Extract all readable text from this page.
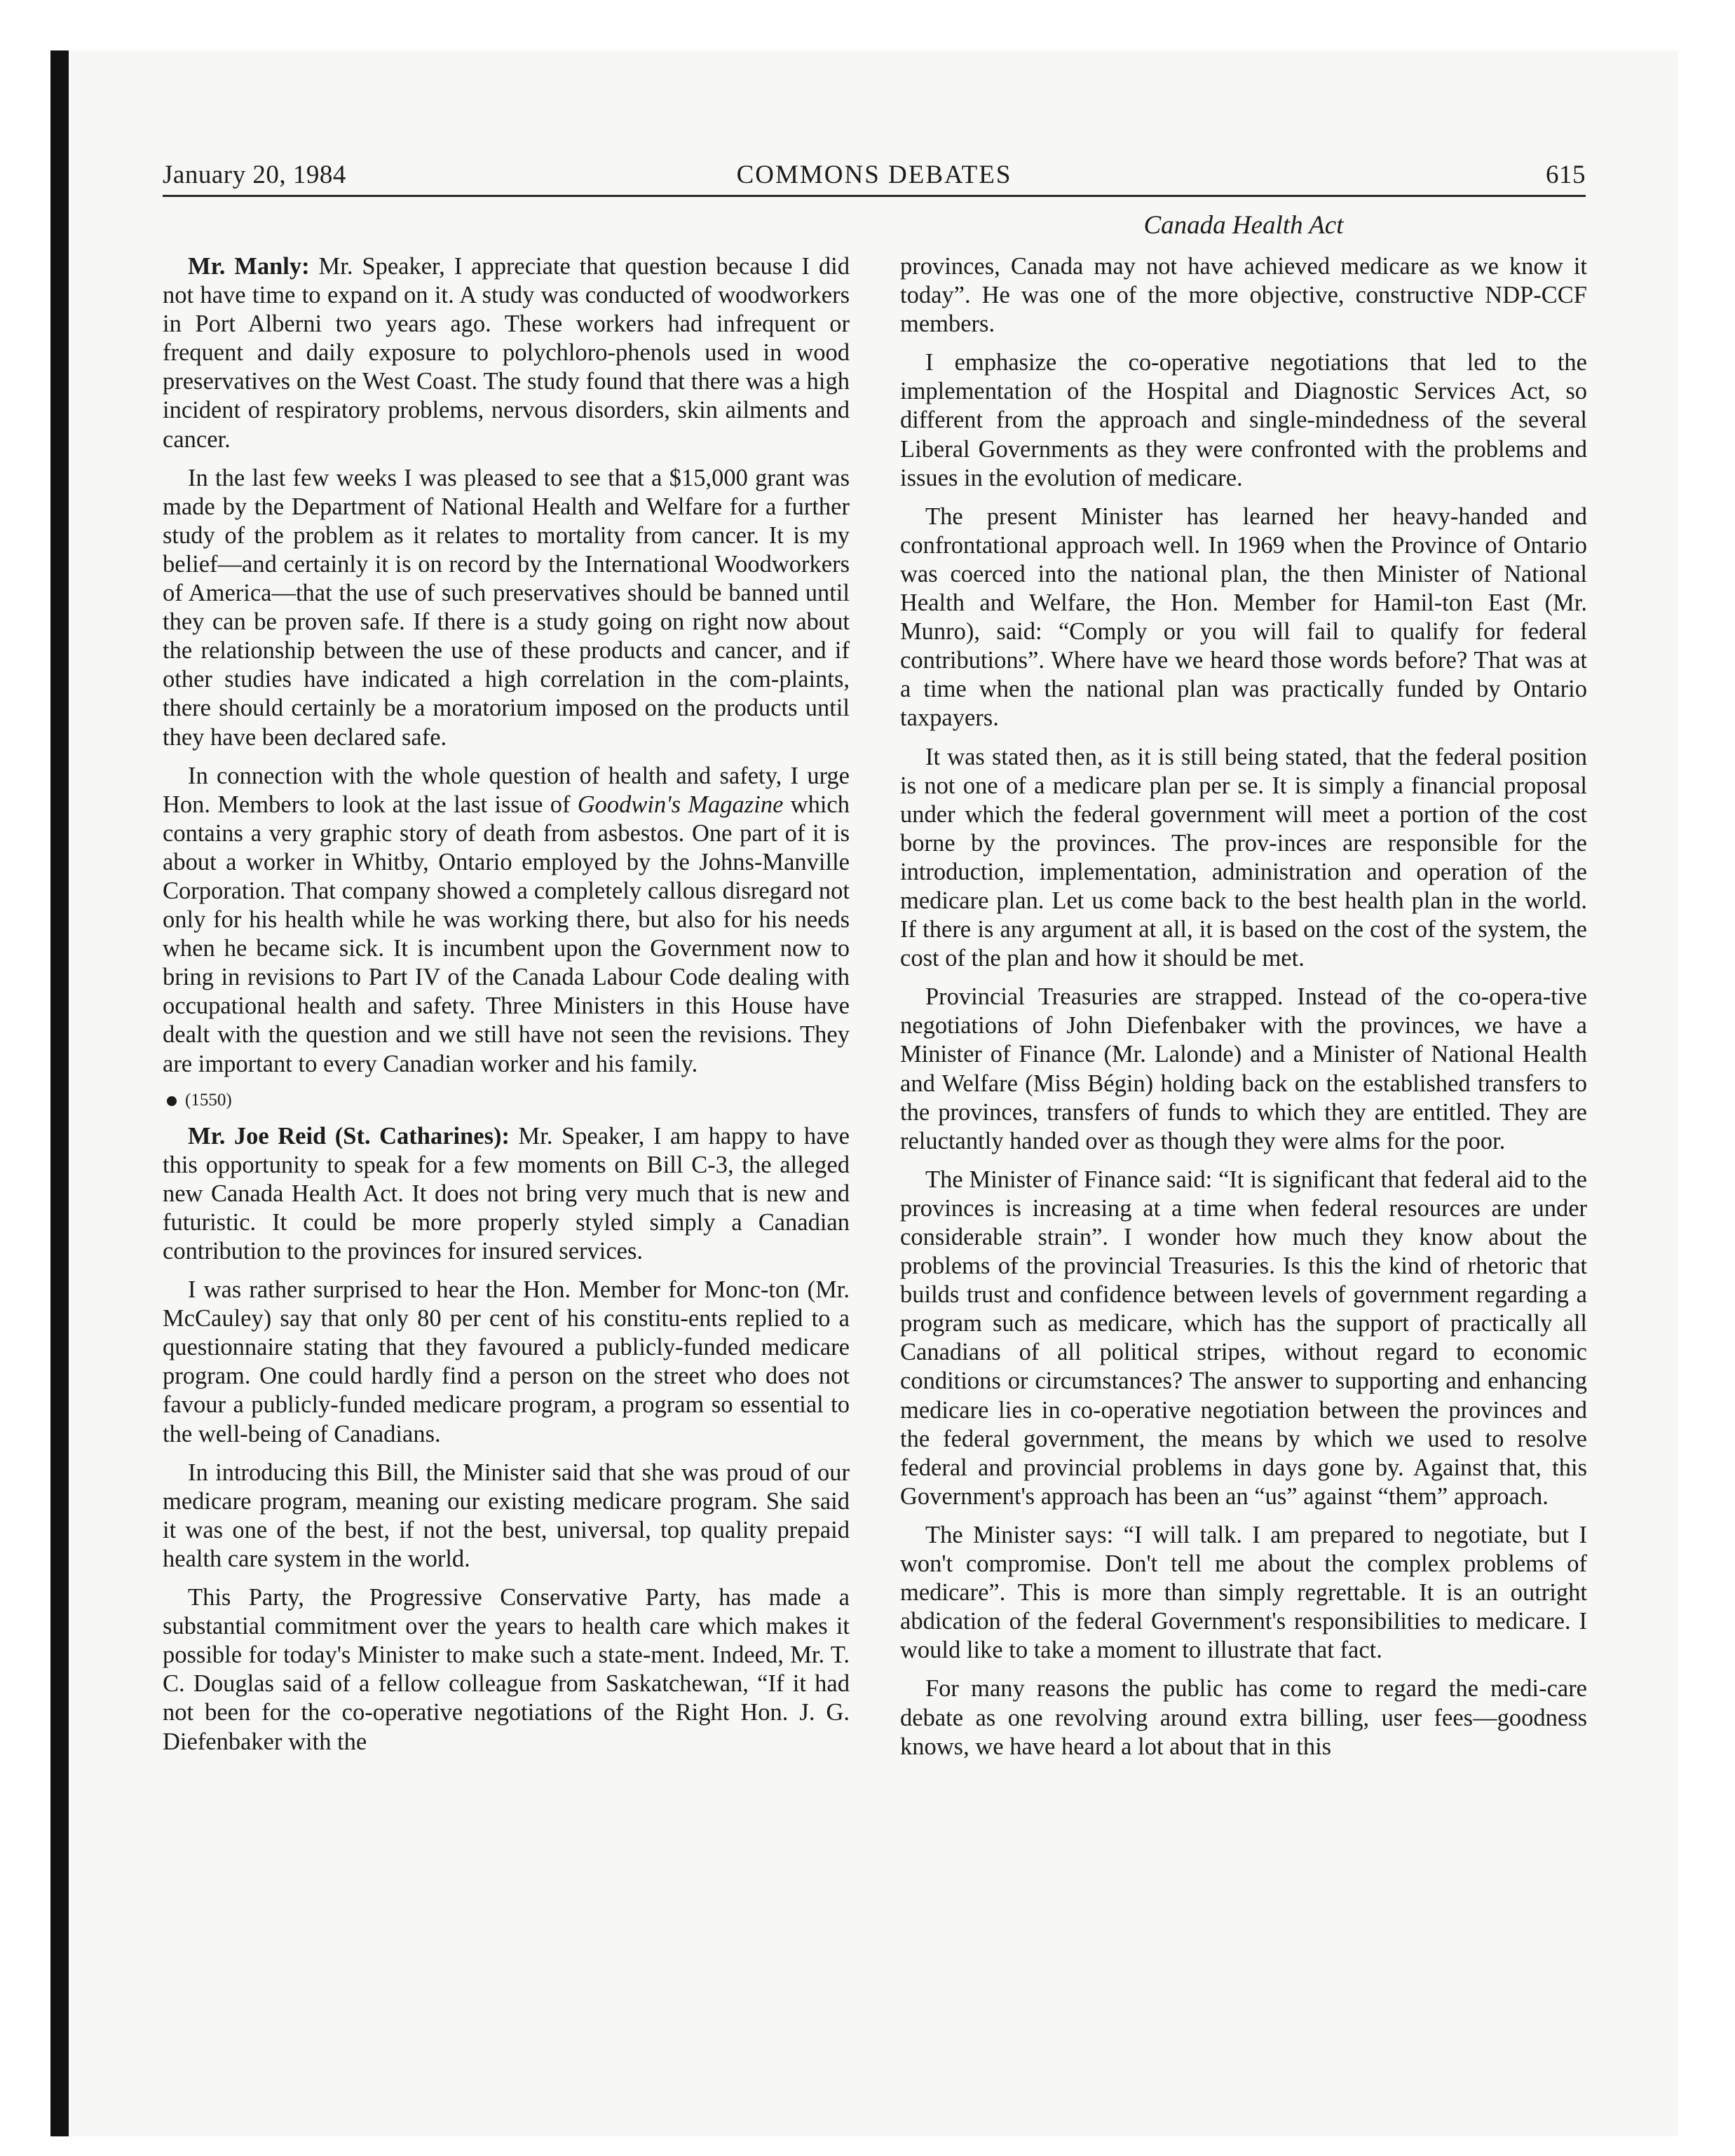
January 20, 1984	COMMONS DEBATES	615
Canada Health Act

Mr. Manly: Mr. Speaker, I appreciate that question because I did not have time to expand on it. A study was conducted of woodworkers in Port Alberni two years ago. These workers had infrequent or frequent and daily exposure to polychloro-phenols used in wood preservatives on the West Coast. The study found that there was a high incident of respiratory problems, nervous disorders, skin ailments and cancer.

In the last few weeks I was pleased to see that a $15,000 grant was made by the Department of National Health and Welfare for a further study of the problem as it relates to mortality from cancer. It is my belief—and certainly it is on record by the International Woodworkers of America—that the use of such preservatives should be banned until they can be proven safe. If there is a study going on right now about the relationship between the use of these products and cancer, and if other studies have indicated a high correlation in the com-plaints, there should certainly be a moratorium imposed on the products until they have been declared safe.

In connection with the whole question of health and safety, I urge Hon. Members to look at the last issue of Goodwin's Magazine which contains a very graphic story of death from asbestos. One part of it is about a worker in Whitby, Ontario employed by the Johns-Manville Corporation. That company showed a completely callous disregard not only for his health while he was working there, but also for his needs when he became sick. It is incumbent upon the Government now to bring in revisions to Part IV of the Canada Labour Code dealing with occupational health and safety. Three Ministers in this House have dealt with the question and we still have not seen the revisions. They are important to every Canadian worker and his family.

(1550)

Mr. Joe Reid (St. Catharines): Mr. Speaker, I am happy to have this opportunity to speak for a few moments on Bill C-3, the alleged new Canada Health Act. It does not bring very much that is new and futuristic. It could be more properly styled simply a Canadian contribution to the provinces for insured services.

I was rather surprised to hear the Hon. Member for Monc-ton (Mr. McCauley) say that only 80 per cent of his constitu-ents replied to a questionnaire stating that they favoured a publicly-funded medicare program. One could hardly find a person on the street who does not favour a publicly-funded medicare program, a program so essential to the well-being of Canadians.

In introducing this Bill, the Minister said that she was proud of our medicare program, meaning our existing medicare program. She said it was one of the best, if not the best, universal, top quality prepaid health care system in the world.

This Party, the Progressive Conservative Party, has made a substantial commitment over the years to health care which makes it possible for today's Minister to make such a state-ment. Indeed, Mr. T. C. Douglas said of a fellow colleague from Saskatchewan, “If it had not been for the co-operative negotiations of the Right Hon. J. G. Diefenbaker with the

provinces, Canada may not have achieved medicare as we know it today”. He was one of the more objective, constructive NDP-CCF members.

I emphasize the co-operative negotiations that led to the implementation of the Hospital and Diagnostic Services Act, so different from the approach and single-mindedness of the several Liberal Governments as they were confronted with the problems and issues in the evolution of medicare.

The present Minister has learned her heavy-handed and confrontational approach well. In 1969 when the Province of Ontario was coerced into the national plan, the then Minister of National Health and Welfare, the Hon. Member for Hamil-ton East (Mr. Munro), said: “Comply or you will fail to qualify for federal contributions”. Where have we heard those words before? That was at a time when the national plan was practically funded by Ontario taxpayers.

It was stated then, as it is still being stated, that the federal position is not one of a medicare plan per se. It is simply a financial proposal under which the federal government will meet a portion of the cost borne by the provinces. The prov-inces are responsible for the introduction, implementation, administration and operation of the medicare plan. Let us come back to the best health plan in the world. If there is any argument at all, it is based on the cost of the system, the cost of the plan and how it should be met.

Provincial Treasuries are strapped. Instead of the co-opera-tive negotiations of John Diefenbaker with the provinces, we have a Minister of Finance (Mr. Lalonde) and a Minister of National Health and Welfare (Miss Bégin) holding back on the established transfers to the provinces, transfers of funds to which they are entitled. They are reluctantly handed over as though they were alms for the poor.

The Minister of Finance said: “It is significant that federal aid to the provinces is increasing at a time when federal resources are under considerable strain”. I wonder how much they know about the problems of the provincial Treasuries. Is this the kind of rhetoric that builds trust and confidence between levels of government regarding a program such as medicare, which has the support of practically all Canadians of all political stripes, without regard to economic conditions or circumstances? The answer to supporting and enhancing medicare lies in co-operative negotiation between the provinces and the federal government, the means by which we used to resolve federal and provincial problems in days gone by. Against that, this Government's approach has been an “us” against “them” approach.

The Minister says: “I will talk. I am prepared to negotiate, but I won't compromise. Don't tell me about the complex problems of medicare”. This is more than simply regrettable. It is an outright abdication of the federal Government's responsibilities to medicare. I would like to take a moment to illustrate that fact.

For many reasons the public has come to regard the medi-care debate as one revolving around extra billing, user fees—goodness knows, we have heard a lot about that in this
